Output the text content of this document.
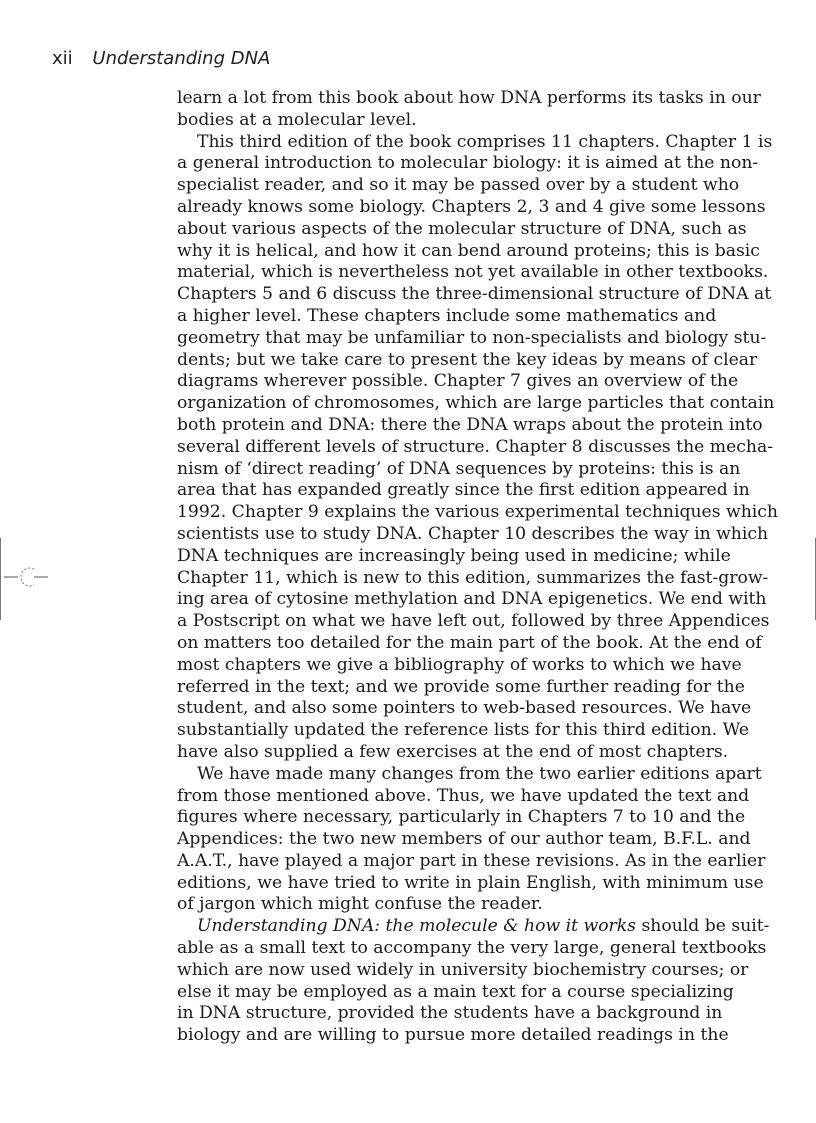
xii Understanding DNA
learn a lot from this book about how DNA performs its tasks in our
bodies at a molecular level.
This third edition of the book comprises 11 chapters. Chapter 1 is
a general introduction to molecular biology: it is aimed at the non-
specialist reader, and so it may be passed over by a student who
already knows some biology. Chapters 2, 3 and 4 give some lessons
about various aspects of the molecular structure of DNA, such as
why it is helical, and how it can bend around proteins; this is basic
material, which is nevertheless not yet available in other textbooks.
Chapters 5 and 6 discuss the three-dimensional structure of DNA at
a higher level. These chapters include some mathematics and
geometry that may be unfamiliar to non-specialists and biology stu-
dents; but we take care to present the key ideas by means of clear
diagrams wherever possible. Chapter 7 gives an overview of the
organization of chromosomes, which are large particles that contain
both protein and DNA: there the DNA wraps about the protein into
several different levels of structure. Chapter 8 discusses the mecha-
nism of ‘direct reading’ of DNA sequences by proteins: this is an
area that has expanded greatly since the first edition appeared in
1992. Chapter 9 explains the various experimental techniques which
scientists use to study DNA. Chapter 10 describes the way in which
DNA techniques are increasingly being used in medicine; while
Chapter 11, which is new to this edition, summarizes the fast-grow-
ing area of cytosine methylation and DNA epigenetics. We end with
a Postscript on what we have left out, followed by three Appendices
on matters too detailed for the main part of the book. At the end of
most chapters we give a bibliography of works to which we have
referred in the text; and we provide some further reading for the
student, and also some pointers to web-based resources. We have
substantially updated the reference lists for this third edition. We
have also supplied a few exercises at the end of most chapters.
We have made many changes from the two earlier editions apart
from those mentioned above. Thus, we have updated the text and
figures where necessary, particularly in Chapters 7 to 10 and the
Appendices: the two new members of our author team, B.F.L. and
A.A.T., have played a major part in these revisions. As in the earlier
editions, we have tried to write in plain English, with minimum use
of jargon which might confuse the reader.
Understanding DNA: the molecule & how it works should be suit-
able as a small text to accompany the very large, general textbooks
which are now used widely in university biochemistry courses; or
else it may be employed as a main text for a course specializing
in DNA structure, provided the students have a background in
biology and are willing to pursue more detailed readings in the
